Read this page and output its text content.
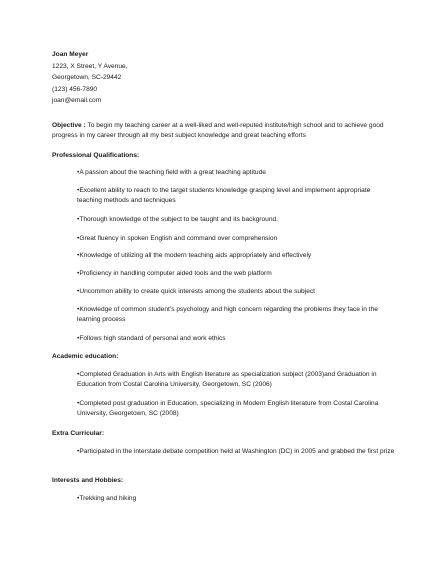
Joan Meyer
1223, X Street, Y Avenue,
Georgetown, SC-29442
(123) 456-7890
joan@email.com

Objective : To begin my teaching career at a well-liked and well-reputed institute/high school and to achieve good progress in my career through all my best subject knowledge and great teaching efforts

Professional Qualifications:
•A passion about the teaching field with a great teaching aptitude
•Excellent ability to reach to the target students knowledge grasping level and implement appropriate teaching methods and techniques
•Thorough knowledge of the subject to be taught and its background.
•Great fluency in spoken English and command over comprehension
•Knowledge of utilizing all the modern teaching aids appropriately and effectively
•Proficiency in handling computer aided tools and the web platform
•Uncommon ability to create quick interests among the students about the subject
•Knowledge of common student’s psychology and high concern regarding the problems they face in the learning process
•Follows high standard of personal and work ethics
Academic education:
•Completed Graduation in Arts with English literature as specialization subject (2003)and Graduation in Education from Costal Carolina University, Georgetown, SC (2006)
•Completed post graduation in Education, specializing in Modern English literature from Costal Carolina University, Georgetown, SC (2008)
Extra Curricular:
•Participated in the interstate debate competition held at Washington (DC) in 2005 and grabbed the first prize
Interests and Hobbies:
•Trekking and hiking
